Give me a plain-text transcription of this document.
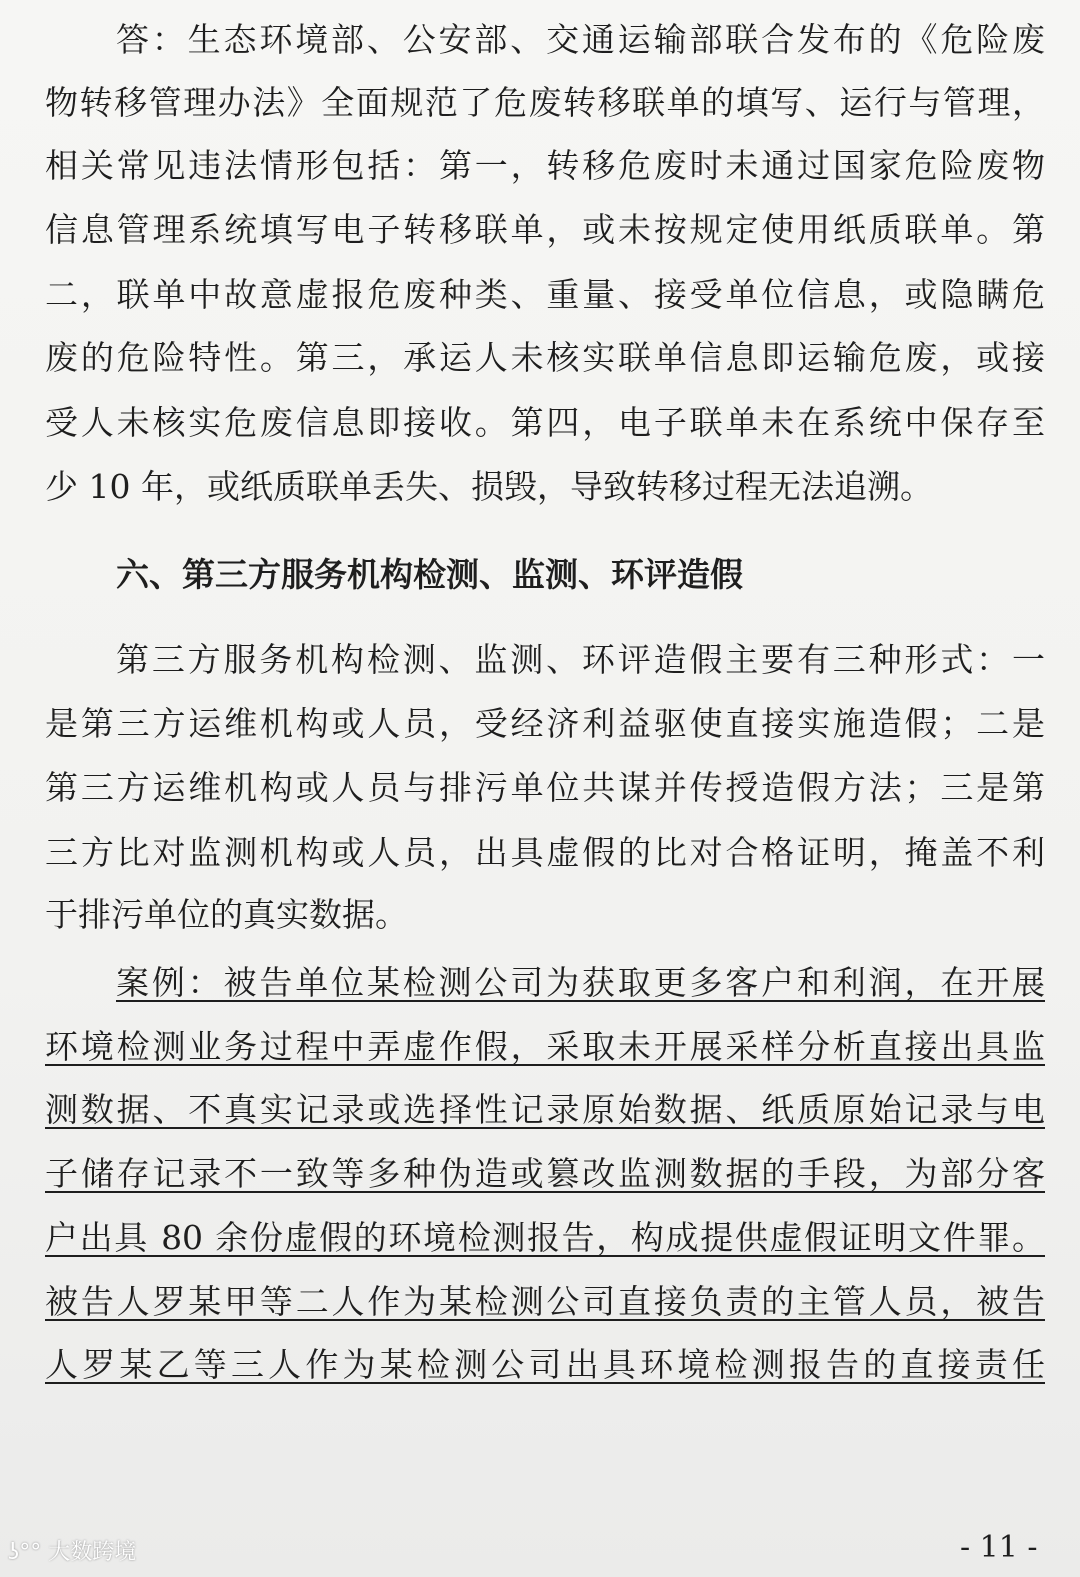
答：生态环境部、公安部、交通运输部联合发布的《危险废
物转移管理办法》全面规范了危废转移联单的填写、运行与管理，
相关常见违法情形包括：第一，转移危废时未通过国家危险废物
信息管理系统填写电子转移联单，或未按规定使用纸质联单。第
二，联单中故意虚报危废种类、重量、接受单位信息，或隐瞒危
废的危险特性。第三，承运人未核实联单信息即运输危废，或接
受人未核实危废信息即接收。第四，电子联单未在系统中保存至
少 10 年，或纸质联单丢失、损毁，导致转移过程无法追溯。
六、第三方服务机构检测、监测、环评造假
第三方服务机构检测、监测、环评造假主要有三种形式：一
是第三方运维机构或人员，受经济利益驱使直接实施造假；二是
第三方运维机构或人员与排污单位共谋并传授造假方法；三是第
三方比对监测机构或人员，出具虚假的比对合格证明，掩盖不利
于排污单位的真实数据。
案例：被告单位某检测公司为获取更多客户和利润，在开展
环境检测业务过程中弄虚作假，采取未开展采样分析直接出具监
测数据、不真实记录或选择性记录原始数据、纸质原始记录与电
子储存记录不一致等多种伪造或篡改监测数据的手段，为部分客
户出具 80 余份虚假的环境检测报告，构成提供虚假证明文件罪。
被告人罗某甲等二人作为某检测公司直接负责的主管人员，被告
人罗某乙等三人作为某检测公司出具环境检测报告的直接责任
ʖ°° 大数跨境	- 11 -
